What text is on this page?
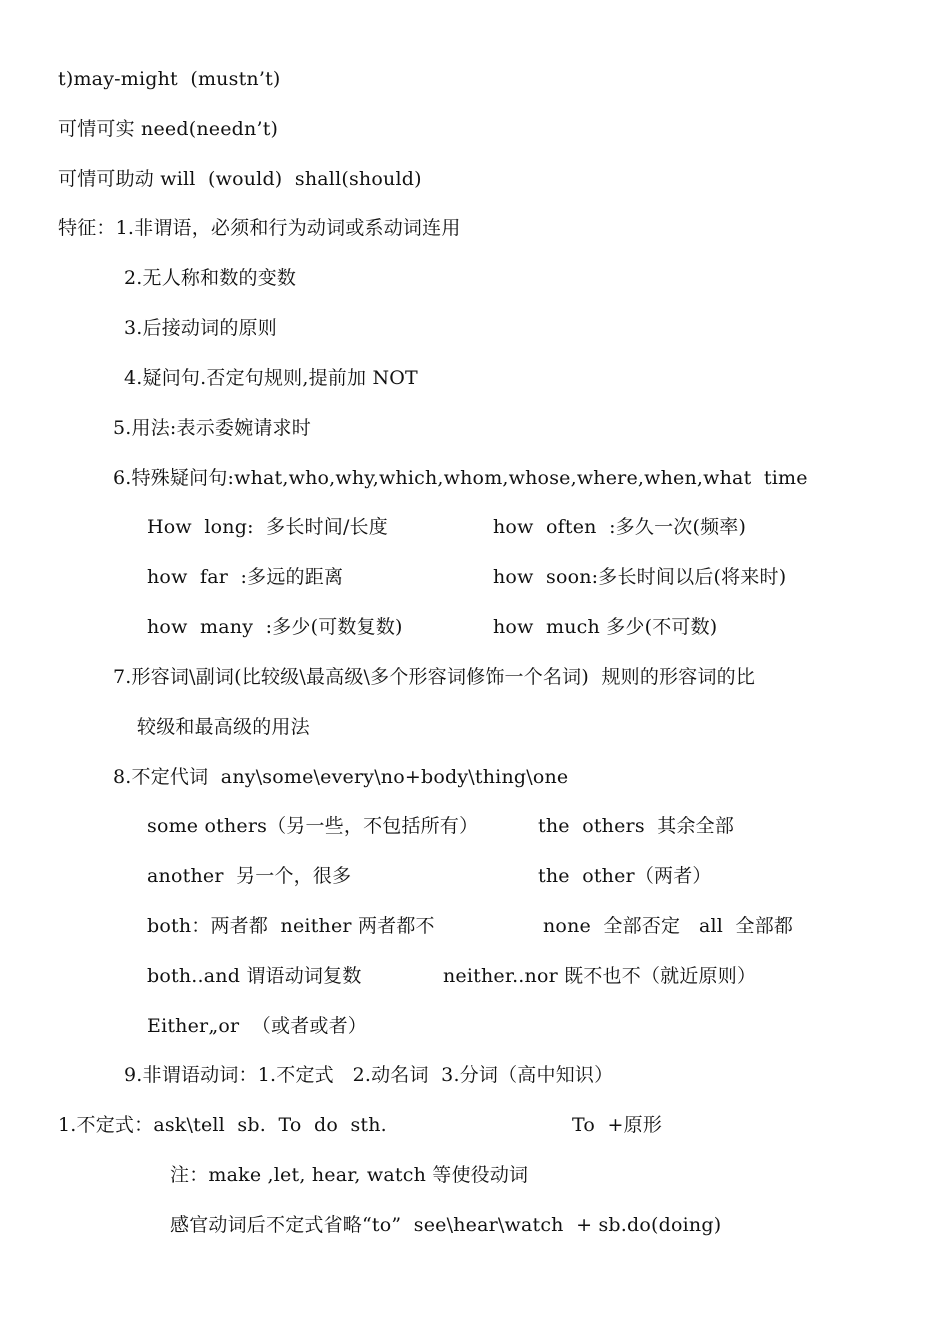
t)may-might  (mustn’t)
可情可实 need(needn’t)
可情可助动 will  (would)  shall(should)
特征：1.非谓语，必须和行为动词或系动词连用
2.无人称和数的变数
3.后接动词的原则
4.疑问句.否定句规则,提前加 NOT
5.用法:表示委婉请求时
6.特殊疑问句:what,who,why,which,whom,whose,where,when,what  time
How  long:  多长时间/长度	how  often  :多久一次(频率)
how  far  :多远的距离	how  soon:多长时间以后(将来时)
how  many  :多少(可数复数)	how  much 多少(不可数)
7.形容词\副词(比较级\最高级\多个形容词修饰一个名词)  规则的形容词的比
较级和最高级的用法
8.不定代词  any\some\every\no+body\thing\one
some others（另一些，不包括所有）	the  others  其余全部
another  另一个，很多	the  other（两者）
both：两者都  neither 两者都不	none  全部否定   all  全部都
both..and 谓语动词复数	neither..nor 既不也不（就近原则）
Either„or  （或者或者）
9.非谓语动词：1.不定式   2.动名词  3.分词（高中知识）
1.不定式：ask\tell  sb.  To  do  sth.	To  +原形
注：make ,let, hear, watch 等使役动词
感官动词后不定式省略“to”  see\hear\watch  + sb.do(doing)
